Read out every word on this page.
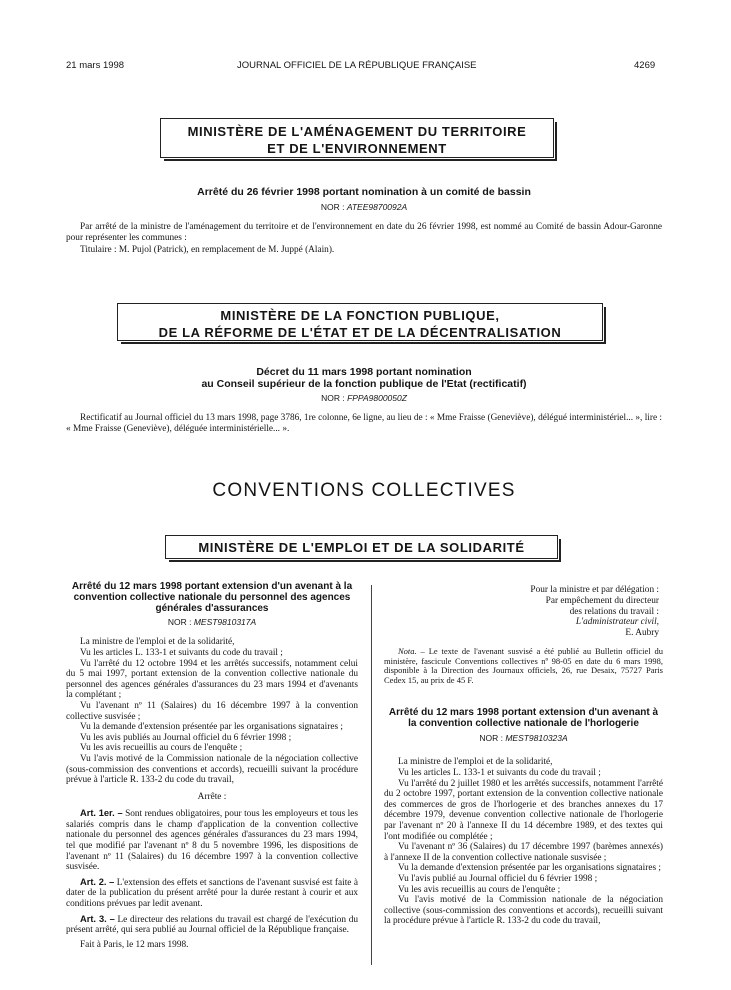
21 mars 1998	JOURNAL OFFICIEL DE LA RÉPUBLIQUE FRANÇAISE	4269
MINISTÈRE DE L'AMÉNAGEMENT DU TERRITOIRE
ET DE L'ENVIRONNEMENT
Arrêté du 26 février 1998 portant nomination à un comité de bassin
NOR : ATEE9870092A
Par arrêté de la ministre de l'aménagement du territoire et de l'environnement en date du 26 février 1998, est nommé au Comité de bassin Adour-Garonne pour représenter les communes :
Titulaire : M. Pujol (Patrick), en remplacement de M. Juppé (Alain).
MINISTÈRE DE LA FONCTION PUBLIQUE,
DE LA RÉFORME DE L'ÉTAT ET DE LA DÉCENTRALISATION
Décret du 11 mars 1998 portant nomination
au Conseil supérieur de la fonction publique de l'Etat (rectificatif)
NOR : FPPA9800050Z
Rectificatif au Journal officiel du 13 mars 1998, page 3786, 1re colonne, 6e ligne, au lieu de : « Mme Fraisse (Geneviève), délégué interministériel... », lire : « Mme Fraisse (Geneviève), déléguée interministérielle... ».
CONVENTIONS COLLECTIVES
MINISTÈRE DE L'EMPLOI ET DE LA SOLIDARITÉ
Arrêté du 12 mars 1998 portant extension d'un avenant à la convention collective nationale du personnel des agences générales d'assurances
NOR : MEST9810317A
La ministre de l'emploi et de la solidarité,
Vu les articles L. 133-1 et suivants du code du travail ;
Vu l'arrêté du 12 octobre 1994 et les arrêtés successifs, notamment celui du 5 mai 1997, portant extension de la convention collective nationale du personnel des agences générales d'assurances du 23 mars 1994 et d'avenants la complétant ;
Vu l'avenant nº 11 (Salaires) du 16 décembre 1997 à la convention collective susvisée ;
Vu la demande d'extension présentée par les organisations signataires ;
Vu les avis publiés au Journal officiel du 6 février 1998 ;
Vu les avis recueillis au cours de l'enquête ;
Vu l'avis motivé de la Commission nationale de la négociation collective (sous-commission des conventions et accords), recueilli suivant la procédure prévue à l'article R. 133-2 du code du travail,
Arrête :
Art. 1er. – Sont rendues obligatoires, pour tous les employeurs et tous les salariés compris dans le champ d'application de la convention collective nationale du personnel des agences générales d'assurances du 23 mars 1994, tel que modifié par l'avenant nº 8 du 5 novembre 1996, les dispositions de l'avenant nº 11 (Salaires) du 16 décembre 1997 à la convention collective susvisée.
Art. 2. – L'extension des effets et sanctions de l'avenant susvisé est faite à dater de la publication du présent arrêté pour la durée restant à courir et aux conditions prévues par ledit avenant.
Art. 3. – Le directeur des relations du travail est chargé de l'exécution du présent arrêté, qui sera publié au Journal officiel de la République française.
Fait à Paris, le 12 mars 1998.
Pour la ministre et par délégation :
Par empêchement du directeur
des relations du travail :
L'administrateur civil,
E. Aubry
Nota. – Le texte de l'avenant susvisé a été publié au Bulletin officiel du ministère, fascicule Conventions collectives nº 98-05 en date du 6 mars 1998, disponible à la Direction des Journaux officiels, 26, rue Desaix, 75727 Paris Cedex 15, au prix de 45 F.
Arrêté du 12 mars 1998 portant extension d'un avenant à la convention collective nationale de l'horlogerie
NOR : MEST9810323A
La ministre de l'emploi et de la solidarité,
Vu les articles L. 133-1 et suivants du code du travail ;
Vu l'arrêté du 2 juillet 1980 et les arrêtés successifs, notamment l'arrêté du 2 octobre 1997, portant extension de la convention collective nationale des commerces de gros de l'horlogerie et des branches annexes du 17 décembre 1979, devenue convention collective nationale de l'horlogerie par l'avenant nº 20 à l'annexe II du 14 décembre 1989, et des textes qui l'ont modifiée ou complétée ;
Vu l'avenant nº 36 (Salaires) du 17 décembre 1997 (barèmes annexés) à l'annexe II de la convention collective nationale susvisée ;
Vu la demande d'extension présentée par les organisations signataires ;
Vu l'avis publié au Journal officiel du 6 février 1998 ;
Vu les avis recueillis au cours de l'enquête ;
Vu l'avis motivé de la Commission nationale de la négociation collective (sous-commission des conventions et accords), recueilli suivant la procédure prévue à l'article R. 133-2 du code du travail,
